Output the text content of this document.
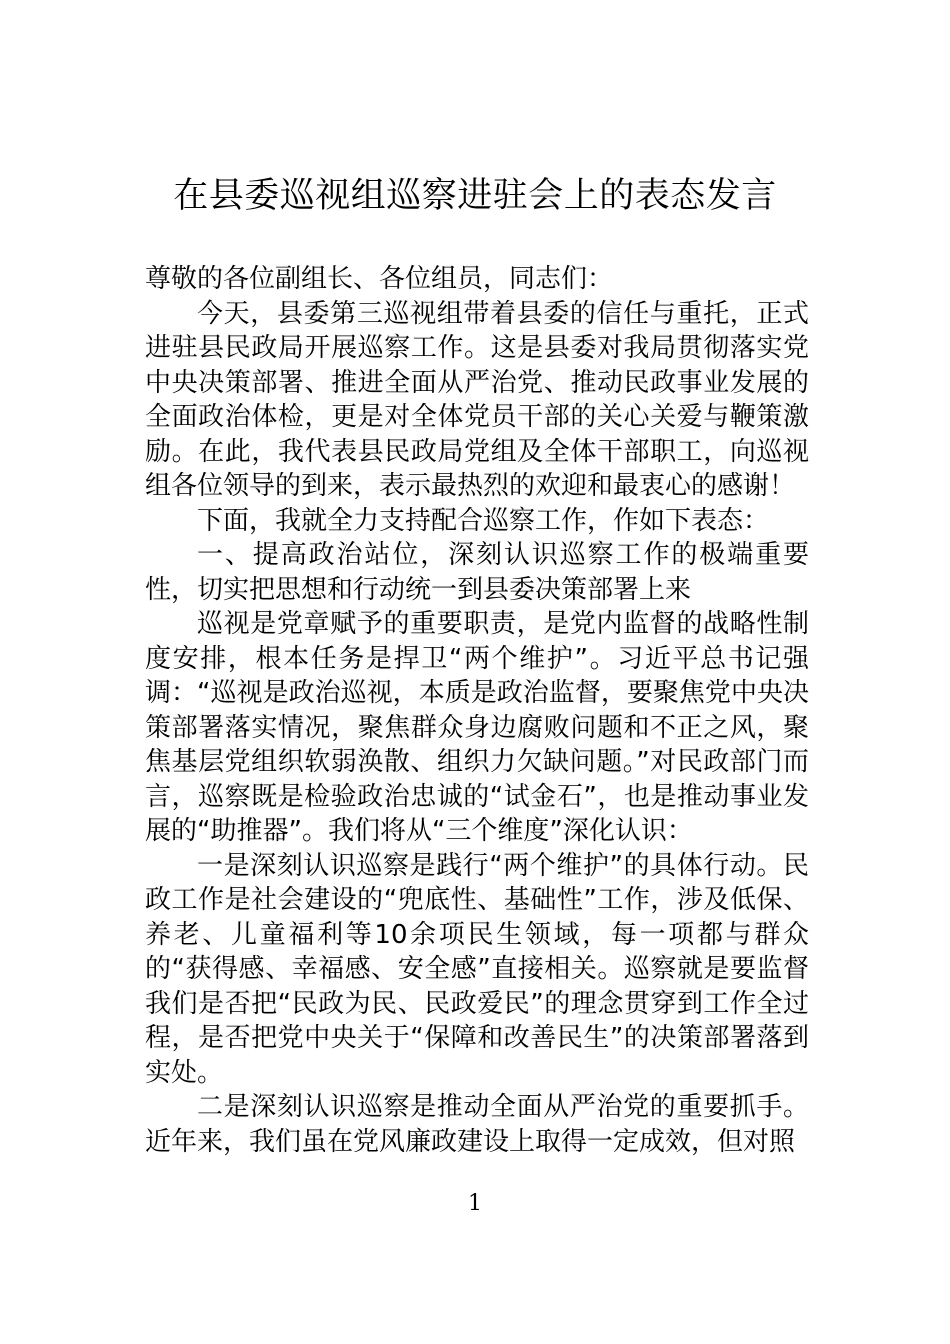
在县委巡视组巡察进驻会上的表态发言

尊敬的各位副组长、各位组员，同志们：

今天，县委第三巡视组带着县委的信任与重托，正式进驻县民政局开展巡察工作。这是县委对我局贯彻落实党中央决策部署、推进全面从严治党、推动民政事业发展的全面政治体检，更是对全体党员干部的关心关爱与鞭策激励。在此，我代表县民政局党组及全体干部职工，向巡视组各位领导的到来，表示最热烈的欢迎和最衷心的感谢！

下面，我就全力支持配合巡察工作，作如下表态：

一、提高政治站位，深刻认识巡察工作的极端重要性，切实把思想和行动统一到县委决策部署上来

巡视是党章赋予的重要职责，是党内监督的战略性制度安排，根本任务是捍卫“两个维护”。习近平总书记强调：“巡视是政治巡视，本质是政治监督，要聚焦党中央决策部署落实情况，聚焦群众身边腐败问题和不正之风，聚焦基层党组织软弱涣散、组织力欠缺问题。”对民政部门而言，巡察既是检验政治忠诚的“试金石”，也是推动事业发展的“助推器”。我们将从“三个维度”深化认识：

一是深刻认识巡察是践行“两个维护”的具体行动。民政工作是社会建设的“兜底性、基础性”工作，涉及低保、养老、儿童福利等10余项民生领域，每一项都与群众的“获得感、幸福感、安全感”直接相关。巡察就是要监督我们是否把“民政为民、民政爱民”的理念贯穿到工作全过程，是否把党中央关于“保障和改善民生”的决策部署落到实处。

二是深刻认识巡察是推动全面从严治党的重要抓手。近年来，我们虽在党风廉政建设上取得一定成效，但对照

1
